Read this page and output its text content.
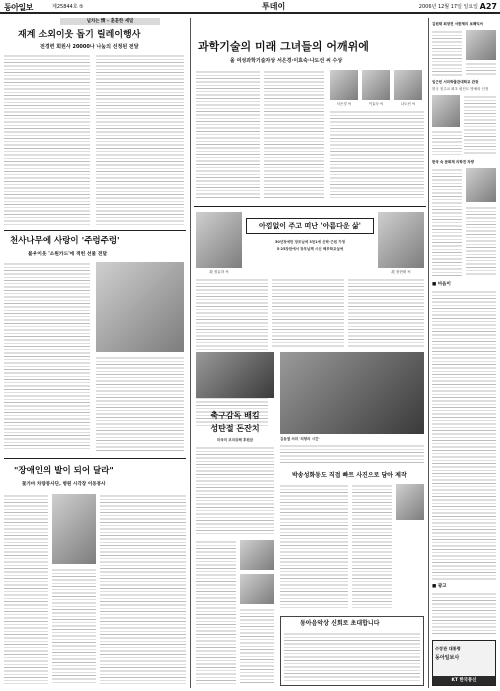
동아일보	제25844호 ⑤	투데이	2006년 12월 17일 일요일 A27
넘치는 情 – 훈훈한 세밑
재계 소외이웃 돕기 릴레이행사
전경련 회원사 20000나 나눔의 선정된 전달
천사나무에 사랑이 '주렁주렁'
불우이웃 '소원카드'에 적힌 선물 전달
"장애인의 발이 되어 달라"
꽃가마 차량봉사단, 병원 시각장 이동봉사
과학기술의 미래 그녀들의 어깨위에
올 여성과학기술자상 서은경·이효숙·나도선 씨 수상
서은경 씨	이효숙 씨	나도선 씨
아낌없이 주고 떠난 '아름다운 삶'
50년장에만 장모님에 3천1에 신탁·근원 가정
5·25장판에서 장모님께 시신 해부학교실에
故 장유하 씨	故 장현태 씨
축구감독 배킴
성탄절 돈잔치
미국의 코치위해 후원금	김동열 씨의 '치향의 시간'
박송성화동도 직접 빠트 사진으로 담아 제작
동아음악상 신회로 초대합니다
김원태 회장전 서한제의 보폐익씨
임근빈 서미박물관대학교 관장
한국 천주교 최초 평신도 명예의 인정
한국 숙 문화재 의학전 차량
■ 마음이
■ 광고
수장관 대통령
동아일보사
KT 한국통신
